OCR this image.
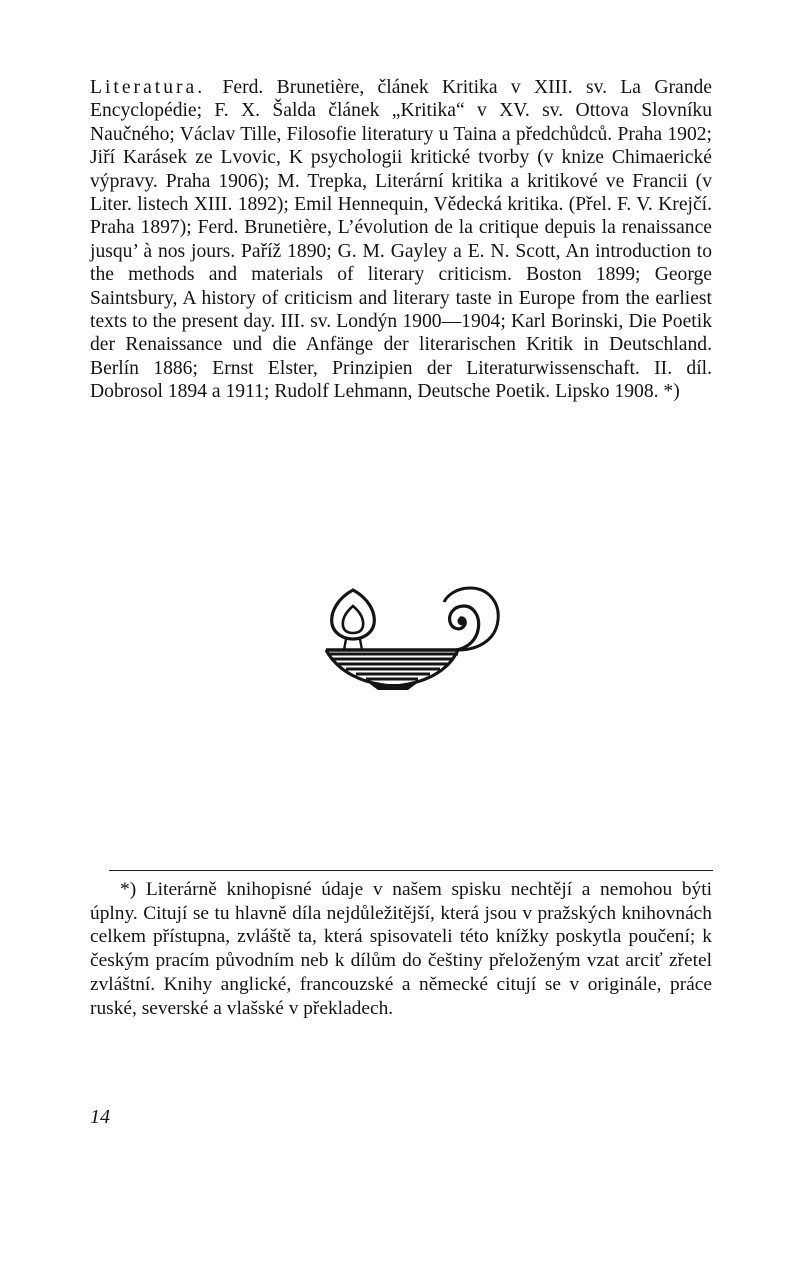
Literatura. Ferd. Brunetière, článek Kritika v XIII. sv. La Grande Encyclopédie; F. X. Šalda článek „Kritika“ v XV. sv. Ottova Slovníku Naučného; Václav Tille, Filosofie literatury u Taina a předchůdců. Praha 1902; Jiří Karásek ze Lvovic, K psychologii kritické tvorby (v knize Chimaerické výpravy. Praha 1906); M. Trepka, Literární kritika a kritikové ve Francii (v Liter. listech XIII. 1892); Emil Hennequin, Vědecká kritika. (Přel. F. V. Krejčí. Praha 1897); Ferd. Brunetière, L’évolution de la critique depuis la renaissance jusqu’ à nos jours. Paříž 1890; G. M. Gayley a E. N. Scott, An introduction to the methods and materials of literary criticism. Boston 1899; George Saintsbury, A history of criticism and literary taste in Europe from the earliest texts to the present day. III. sv. Londýn 1900—1904; Karl Borinski, Die Poetik der Renaissance und die Anfänge der literarischen Kritik in Deutschland. Berlín 1886; Ernst Elster, Prinzipien der Literaturwissenschaft. II. díl. Dobrosol 1894 a 1911; Rudolf Lehmann, Deutsche Poetik. Lipsko 1908. *)

*) Literárně knihopisné údaje v našem spisku nechtějí a nemohou býti úplny. Citují se tu hlavně díla nejdůležitější, která jsou v pražských knihovnách celkem přístupna, zvláště ta, která spisovateli této knížky poskytla poučení; k českým pracím původním neb k dílům do češtiny přeloženým vzat arciť zřetel zvláštní. Knihy anglické, francouzské a německé citují se v originále, práce ruské, severské a vlašské v překladech.

14
